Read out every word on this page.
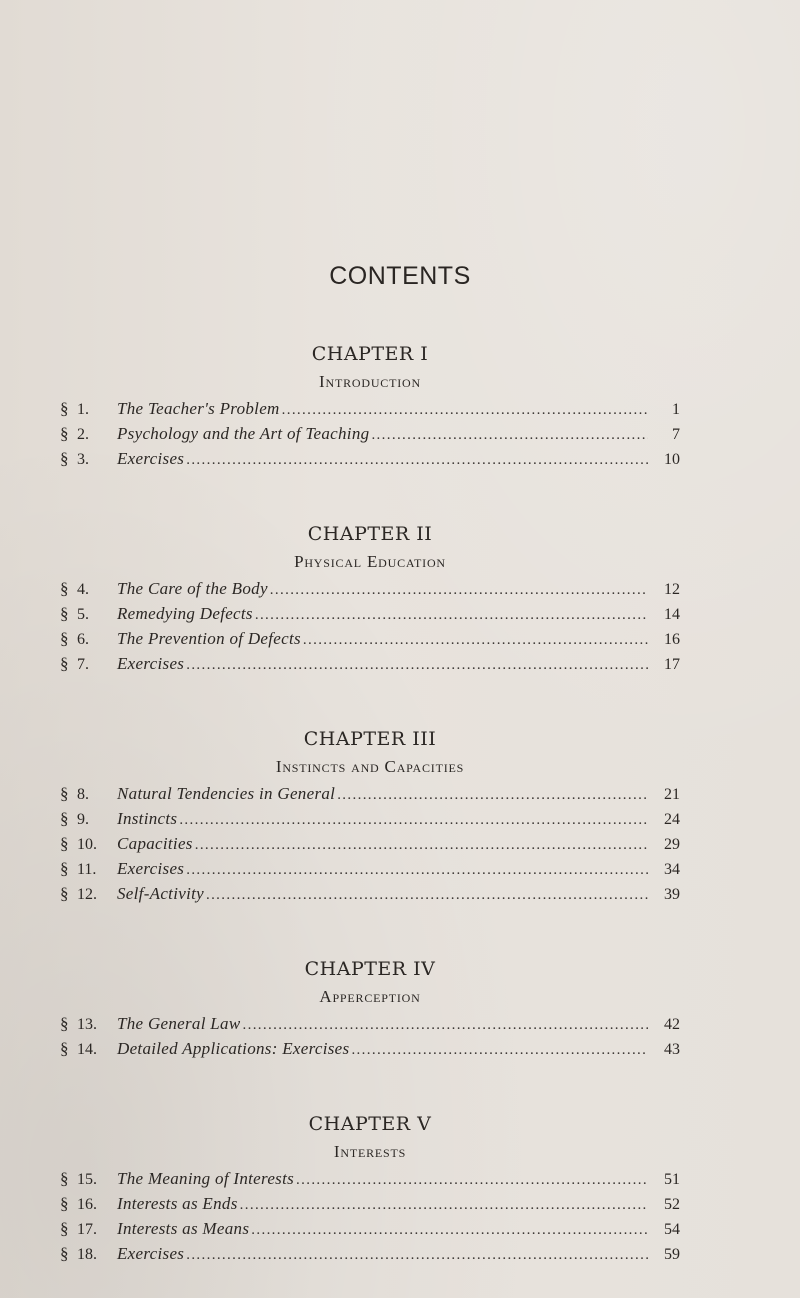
CONTENTS
CHAPTER I
Introduction
§ 1.	The Teacher's Problem . . .	1
§ 2.	Psychology and the Art of Teaching . . .	7
§ 3.	Exercises . . .	10
CHAPTER II
Physical Education
§ 4.	The Care of the Body . . .	12
§ 5.	Remedying Defects . . .	14
§ 6.	The Prevention of Defects . . .	16
§ 7.	Exercises . . .	17
CHAPTER III
Instincts and Capacities
§ 8.	Natural Tendencies in General . . .	21
§ 9.	Instincts . . .	24
§ 10.	Capacities . . .	29
§ 11.	Exercises . . .	34
§ 12.	Self-Activity . . .	39
CHAPTER IV
Apperception
§ 13.	The General Law . . .	42
§ 14.	Detailed Applications: Exercises . . .	43
CHAPTER V
Interests
§ 15.	The Meaning of Interests . . .	51
§ 16.	Interests as Ends . . .	52
§ 17.	Interests as Means . . .	54
§ 18.	Exercises . . .	59
